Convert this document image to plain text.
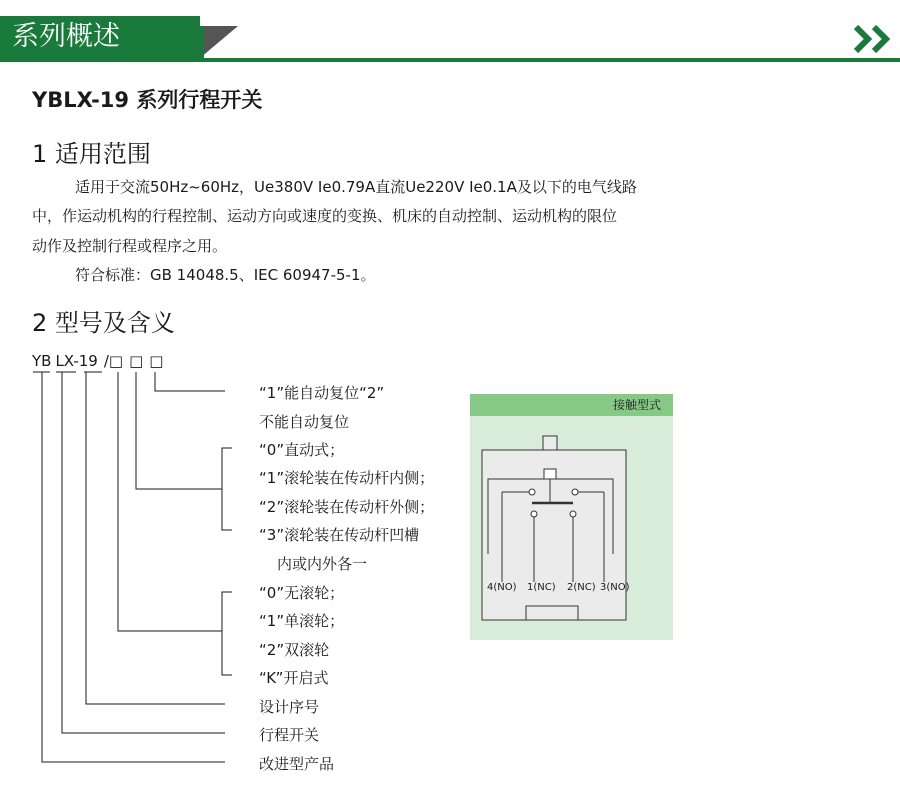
系列概述
YBLX-19 系列行程开关
1 适用范围
适用于交流50Hz~60Hz，Ue380V Ie0.79A直流Ue220V Ie0.1A及以下的电气线路
中，作运动机构的行程控制、运动方向或速度的变换、机床的自动控制、运动机构的限位
动作及控制行程或程序之用。
符合标准：GB 14048.5、IEC 60947-5-1。
2 型号及含义
YB LX-19 /□ □ □
“1”能自动复位“2”
不能自动复位
“0”直动式；
“1”滚轮装在传动杆内侧；
“2”滚轮装在传动杆外侧；
“3”滚轮装在传动杆凹槽
内或内外各一
“0”无滚轮；
“1”单滚轮；
“2”双滚轮
“K”开启式
设计序号
行程开关
改进型产品
接触型式
4(NO) 1(NC) 2(NC) 3(NO)
